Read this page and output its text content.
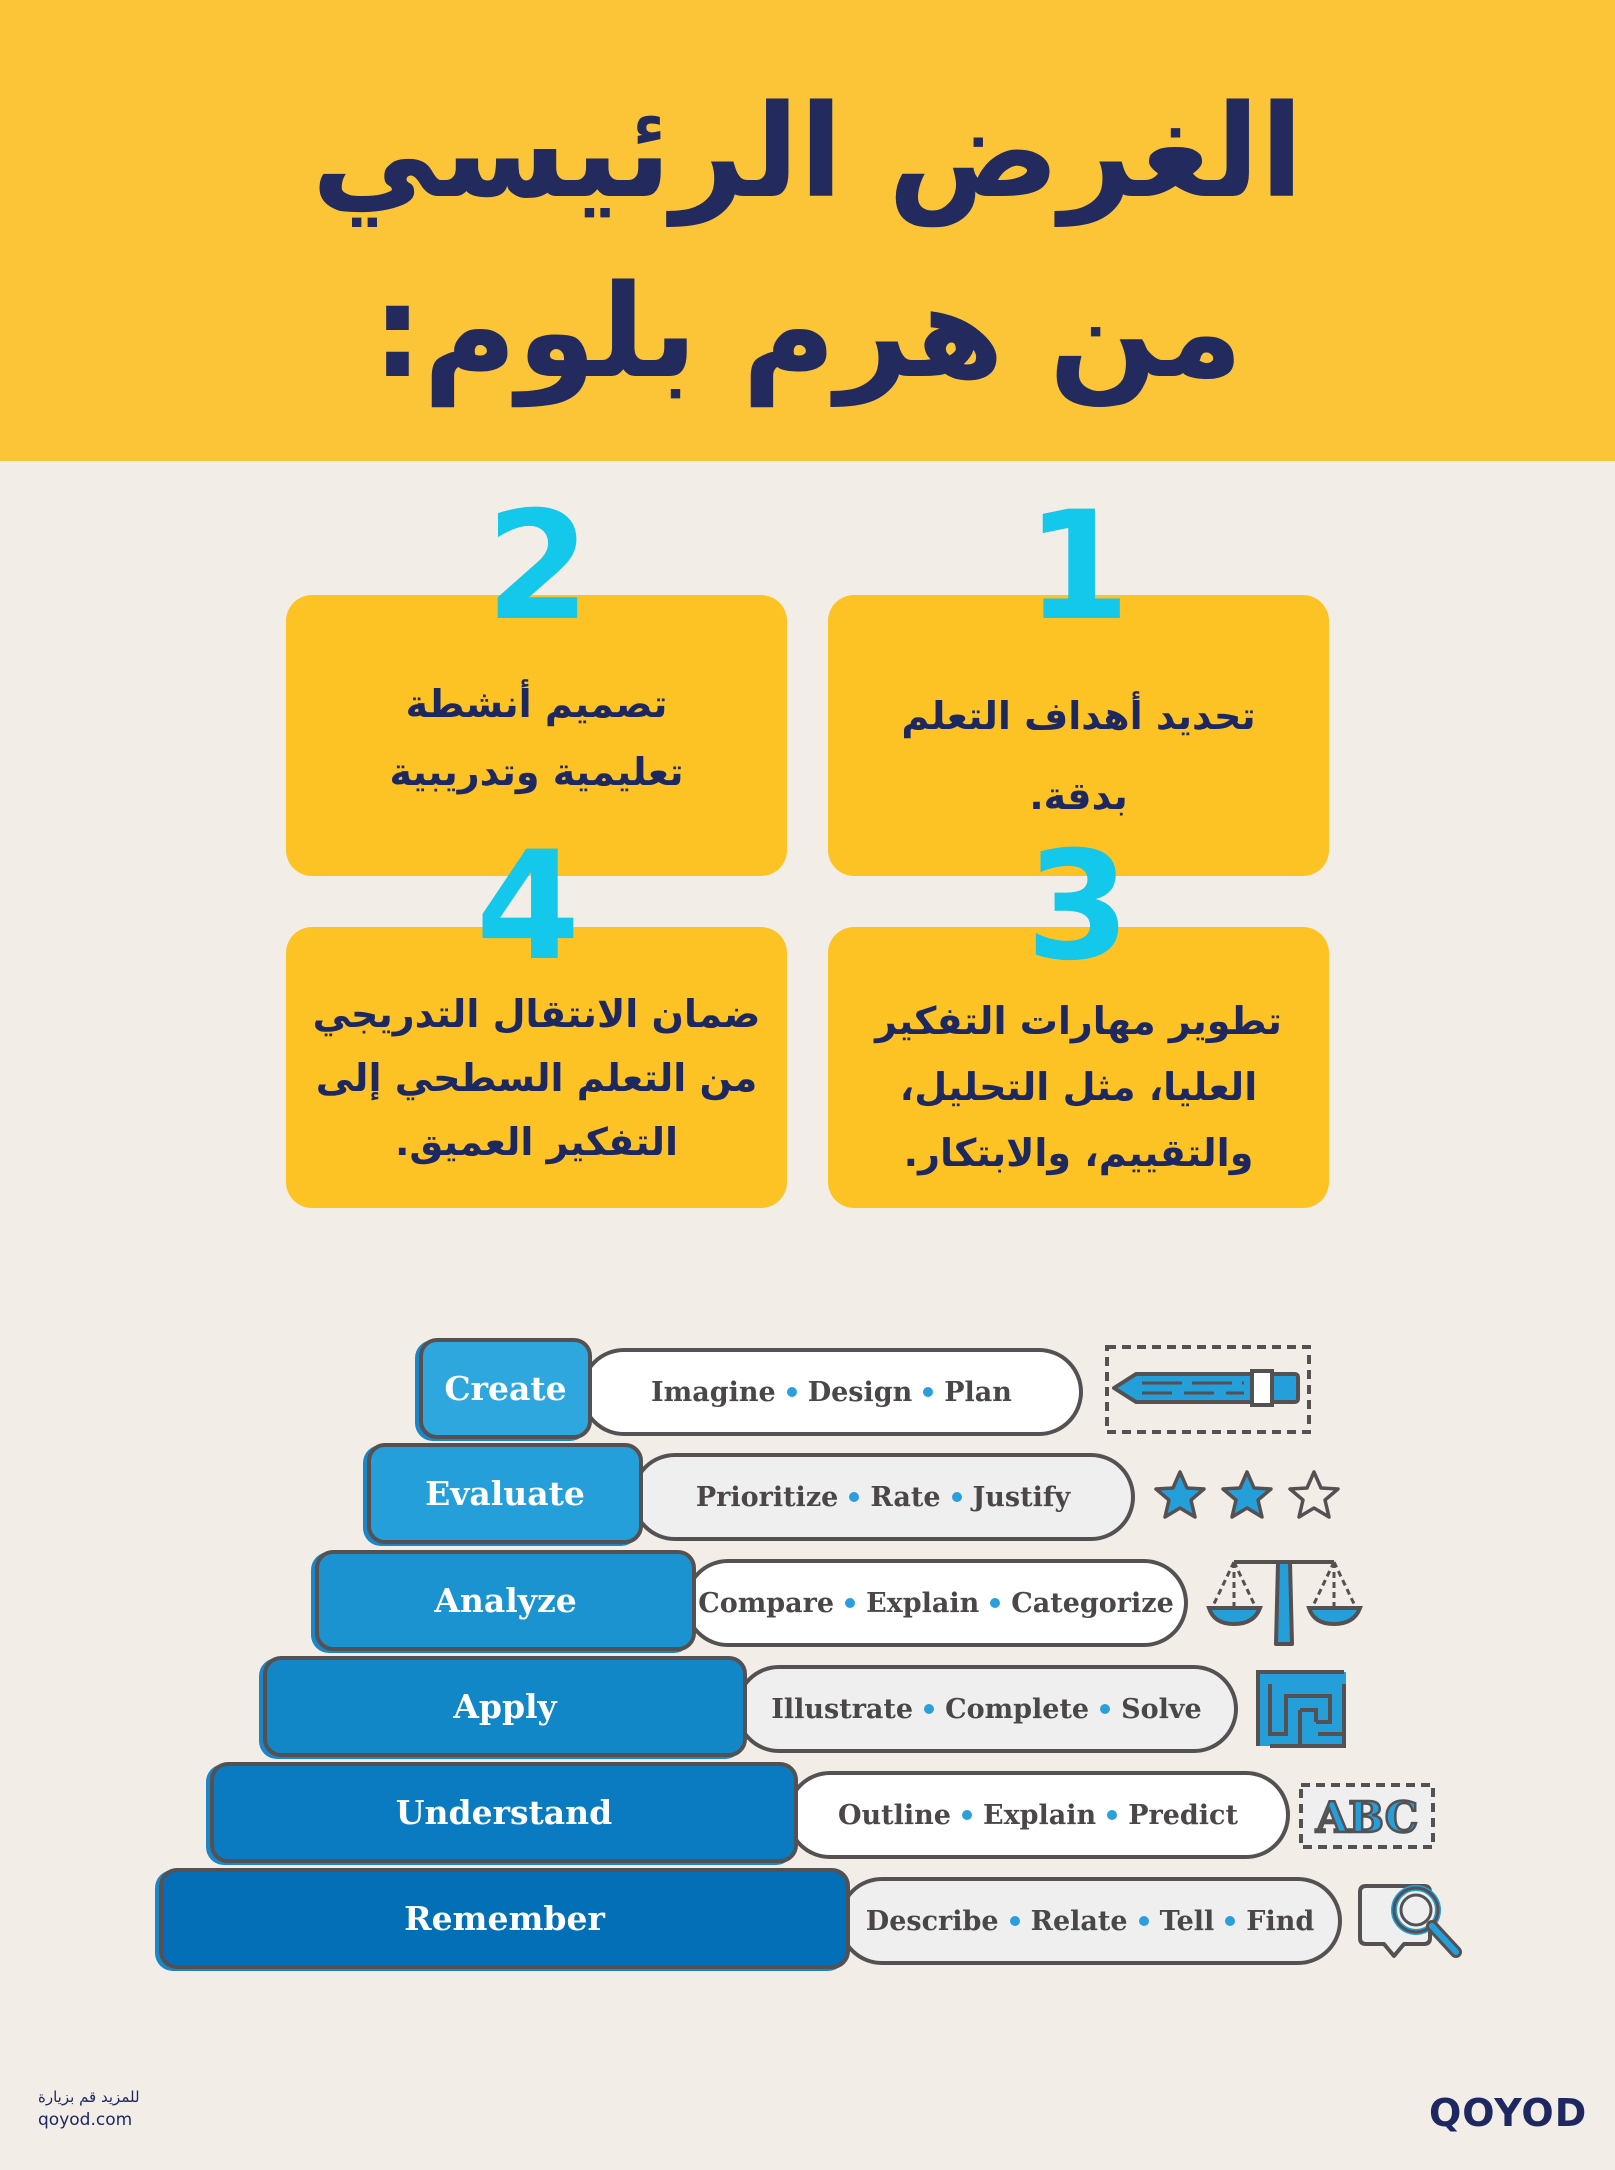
الغرض الرئيسي
من هرم بلوم:
تحديد أهداف التعلم
بدقة.
1
تصميم أنشطة
تعليمية وتدريبية
2
تطوير مهارات التفكير
العليا، مثل التحليل،
والتقييم، والابتكار.
3
ضمان الانتقال التدريجي
من التعلم السطحي إلى
التفكير العميق.
4
Create
Evaluate
Analyze
Apply
Understand
Remember
Imagine Design Plan
Prioritize Rate Justify
Compare Explain Categorize
Illustrate Complete Solve
Outline Explain Predict
Describe Relate Tell Find
ABC
للمزيد قم بزيارة
qoyod.com	QOYOD
